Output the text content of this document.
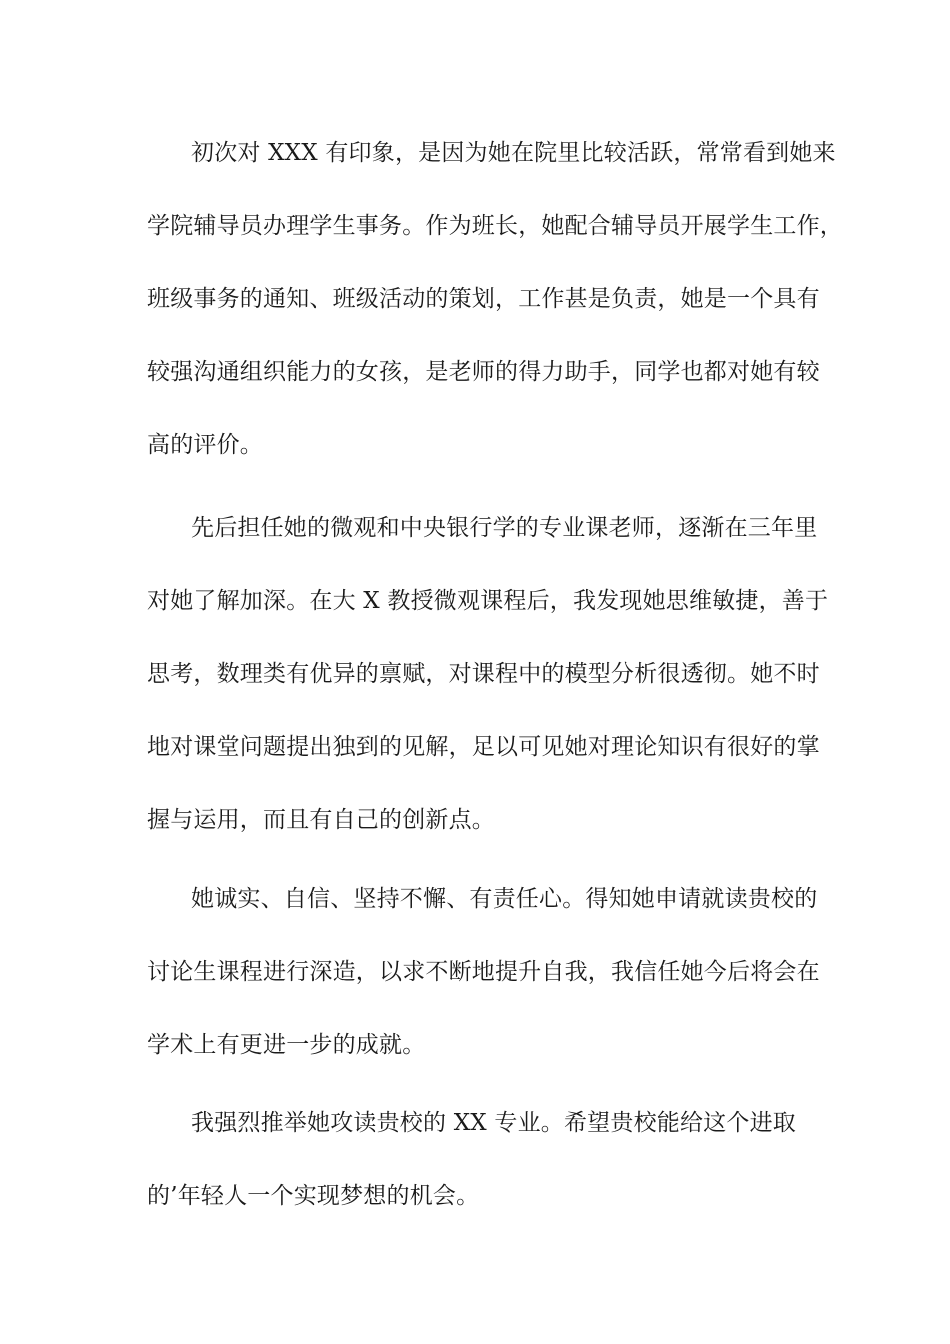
初次对 XXX 有印象，是因为她在院里比较活跃，常常看到她来
学院辅导员办理学生事务。作为班长，她配合辅导员开展学生工作，
班级事务的通知、班级活动的策划，工作甚是负责，她是一个具有
较强沟通组织能力的女孩，是老师的得力助手，同学也都对她有较
高的评价。
先后担任她的微观和中央银行学的专业课老师，逐渐在三年里
对她了解加深。在大 X 教授微观课程后，我发现她思维敏捷，善于
思考，数理类有优异的禀赋，对课程中的模型分析很透彻。她不时
地对课堂问题提出独到的见解，足以可见她对理论知识有很好的掌
握与运用，而且有自己的创新点。
她诚实、自信、坚持不懈、有责任心。得知她申请就读贵校的
讨论生课程进行深造，以求不断地提升自我，我信任她今后将会在
学术上有更进一步的成就。
我强烈推举她攻读贵校的 XX 专业。希望贵校能给这个进取
的’年轻人一个实现梦想的机会。
